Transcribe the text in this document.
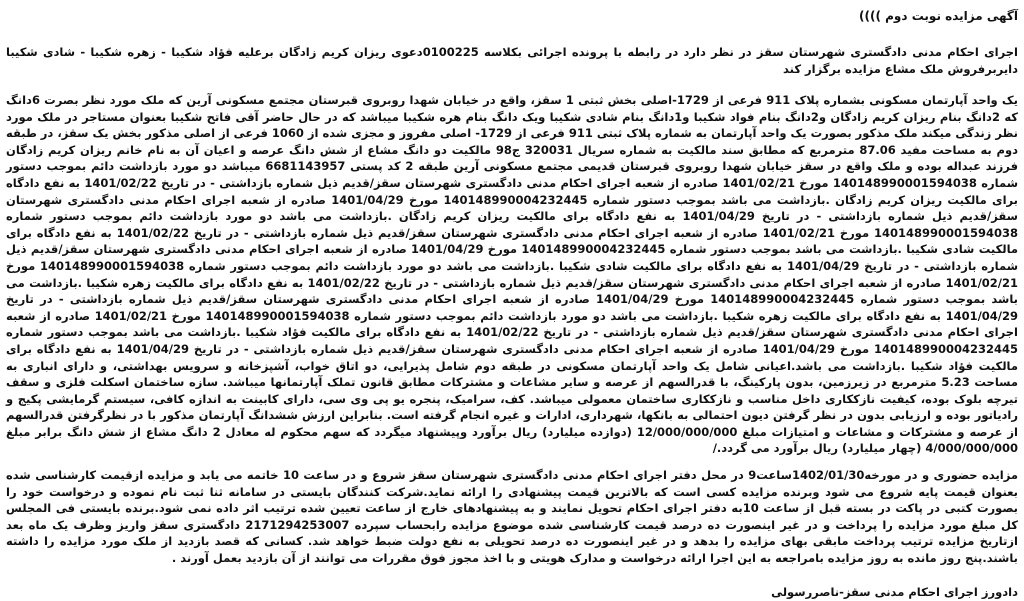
آگهی مزایده نوبت دوم ))))
اجرای احکام مدنی دادگستری شهرستان سقز در نظر دارد در رابطه با پرونده اجرائی بکلاسه 0100225دعوی ریزان کریم زادگان برعلیه فؤاد شکیبا - زهره شکیبا - شادی شکیبا دایربرفروش ملک مشاع مزایده برگزار کند
یک واحد آپارتمان مسکونی بشماره پلاک 911 فرعی از 1729-اصلی بخش ثبتی 1 سقز، واقع در خیابان شهدا روبروی قبرستان مجتمع مسکونی آرین که ملک مورد نظر بصرت 6دانگ که 2دانگ بنام ریزان کریم زادگان و2دانگ بنام فواد شکیبا و1دانگ بنام شادی شکیبا ویک دانگ بنام هره شکیبا میباشد که در حال حاضر آقی فاتح شکیبا بعنوان مستاجر در ملک مورد نظر زندگی میکند ملک مذکور بصورت یک واحد آپارتمان به شماره پلاک ثبتی 911 فرعی از 1729- اصلی مفروز و مجزی شده از 1060 فرعی از اصلی مذکور بخش یک سقز، در طبقه دوم به مساحت مفید 87.06 مترمربع که مطابق سند مالکیت به شماره سریال 320031 ج98 مالکیت دو دانگ مشاع از شش دانگ عرصه و اعیان آن به نام خانم ریزان کریم زادگان فرزند عبداله بوده و ملک واقع در سقز خیابان شهدا روبروی قبرستان قدیمی مجتمع مسکونی آرین طبقه 2 کد پستی 6681143957 میباشد دو مورد بازداشت دائم بموجب دستور شماره 140148990001594038 مورخ 1401/02/21 صادره از شعبه اجرای احکام مدنی دادگستری شهرستان سقز/قدیم ذیل شماره بازداشتی - در تاریخ 1401/02/22 به نفع دادگاه برای مالکیت ریزان کریم زادگان .بازداشت می باشد بموجب دستور شماره 140148990004232445 مورخ 1401/04/29 صادره از شعبه اجرای احکام مدنی دادگستری شهرستان سقز/قدیم ذیل شماره بازداشتی - در تاریخ 1401/04/29 به نفع دادگاه برای مالکیت ریزان کریم زادگان .بازداشت می باشد دو مورد بازداشت دائم بموجب دستور شماره 140148990001594038 مورخ 1401/02/21 صادره از شعبه اجرای احکام مدنی دادگستری شهرستان سقز/قدیم ذیل شماره بازداشتی - در تاریخ 1401/02/22 به نفع دادگاه برای مالکیت شادی شکیبا .بازداشت می باشد بموجب دستور شماره 140148990004232445 مورخ 1401/04/29 صادره از شعبه اجرای احکام مدنی دادگستری شهرستان سقز/قدیم ذیل شماره بازداشتی - در تاریخ 1401/04/29 به نفع دادگاه برای مالکیت شادی شکیبا .بازداشت می باشد دو مورد بازداشت دائم بموجب دستور شماره 140148990001594038 مورخ 1401/02/21 صادره از شعبه اجرای احکام مدنی دادگستری شهرستان سقز/قدیم ذیل شماره بازداشتی - در تاریخ 1401/02/22 به نفع دادگاه برای مالکیت زهره شکیبا .بازداشت می باشد بموجب دستور شماره 140148990004232445 مورخ 1401/04/29 صادره از شعبه اجرای احکام مدنی دادگستری شهرستان سقز/قدیم ذیل شماره بازداشتی - در تاریخ 1401/04/29 به نفع دادگاه برای مالکیت زهره شکیبا .بازداشت می باشد دو مورد بازداشت دائم بموجب دستور شماره 140148990001594038 مورخ 1401/02/21 صادره از شعبه اجرای احکام مدنی دادگستری شهرستان سقز/قدیم ذیل شماره بازداشتی - در تاریخ 1401/02/22 به نفع دادگاه برای مالکیت فؤاد شکیبا .بازداشت می باشد بموجب دستور شماره 140148990004232445 مورخ 1401/04/29 صادره از شعبه اجرای احکام مدنی دادگستری شهرستان سقز/قدیم ذیل شماره بازداشتی - در تاریخ 1401/04/29 به نفع دادگاه برای مالکیت فؤاد شکیبا .بازداشت می باشد.اعیانی شامل یک واحد آپارتمان مسکونی در طبقه دوم شامل پذیرایی، دو اتاق خواب، آشپزخانه و سرویس بهداشتی، و دارای انباری به مساحت 5.23 مترمربع در زیرزمین، بدون پارکینگ، با قدرالسهم از عرصه و سایر مشاعات و مشترکات مطابق قانون تملک آپارتمانها میباشد. سازه ساختمان اسکلت فلزی و سقف تیرچه بلوک بوده، کیفیت نازککاری داخل مناسب و نازککاری ساختمان معمولی میباشد. کف، سرامیک، پنجره یو پی وی سی، دارای کابینت به اندازه کافی، سیستم گرمایشی پکیج و رادیاتور بوده و ارزیابی بدون در نظر گرفتن دیون احتمالی به بانکها، شهرداری، ادارات و غیره انجام گرفته است. بنابراین ارزش ششدانگ آپارتمان مذکور با در نظرگرفتن قدرالسهم از عرصه و مشترکات و مشاعات و امتیازات مبلغ 12/000/000/000 (دوازده میلیارد) ریال برآورد وپیشنهاد میگردد که سهم محکوم له معادل 2 دانگ مشاع از شش دانگ برابر مبلغ 4/000/000/000 (چهار میلیارد) ریال برآورد می گردد./
مزایده حضوری و در مورخه1402/01/30ساعت9 در محل دفتر اجرای احکام مدنی دادگستری شهرستان سقز شروع و در ساعت 10 خاتمه می یابد و مزایده ازقیمت کارشناسی شده بعنوان قیمت پایه شروع می شود وبرنده مزایده کسی است که بالاترین قیمت پیشنهادی را ارائه نماید.شرکت کنندگان بایستی در سامانه ثنا ثبت نام نموده و درخواست خود را بصورت کتبی در پاکت در بسته قبل از ساعت 10به دفتر اجرای احکام تحویل نمایند و به پیشنهادهای خارج از ساعت تعیین شده ترتیب اثر داده نمی شود.برنده بایستی فی المجلس کل مبلغ مورد مزایده را پرداخت و در غیر اینصورت ده درصد قیمت کارشناسی شده موضوع مزایده رابحساب سپرده 2171294253007 دادگستری سقز واریز وظرف یک ماه بعد ازتاریخ مزایده ترتیب پرداخت مابقی بهای مزایده را بدهد و در غیر اینصورت ده درصد تحویلی به نفع دولت ضبط خواهد شد. کسانی که قصد بازدید از ملک مورد مزایده را داشته باشند.پنج روز مانده به روز مزایده بامراجعه به این اجرا ارائه درخواست و مدارک هویتی و با اخذ مجوز فوق مقررات می توانند از آن بازدید بعمل آورند .
دادورز اجرای احکام مدنی سقز-ناصررسولی
